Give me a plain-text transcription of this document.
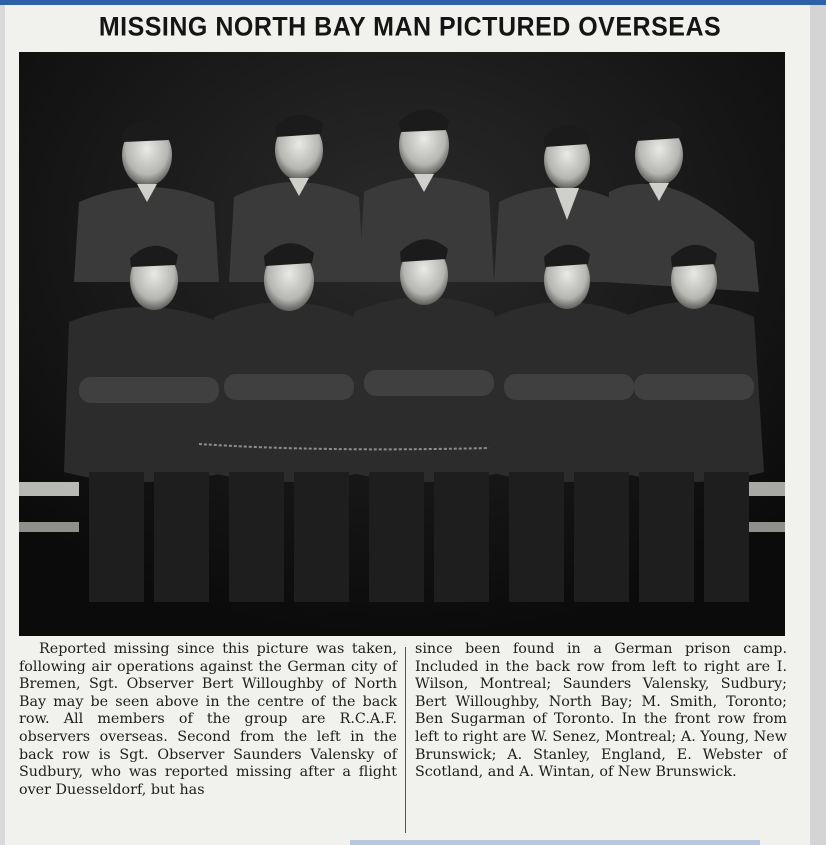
MISSING NORTH BAY MAN PICTURED OVERSEAS

Reported missing since this picture was taken, following air operations against the German city of Bremen, Sgt. Observer Bert Willoughby of North Bay may be seen above in the centre of the back row. All members of the group are R.C.A.F. observers overseas. Second from the left in the back row is Sgt. Observer Saunders Valensky of Sudbury, who was reported missing after a flight over Duesseldorf, but has

since been found in a German prison camp. Included in the back row from left to right are I. Wilson, Montreal; Saunders Valensky, Sudbury; Bert Willoughby, North Bay; M. Smith, Toronto; Ben Sugarman of Toronto. In the front row from left to right are W. Senez, Montreal; A. Young, New Brunswick; A. Stanley, England, E. Webster of Scotland, and A. Wintan, of New Brunswick.
